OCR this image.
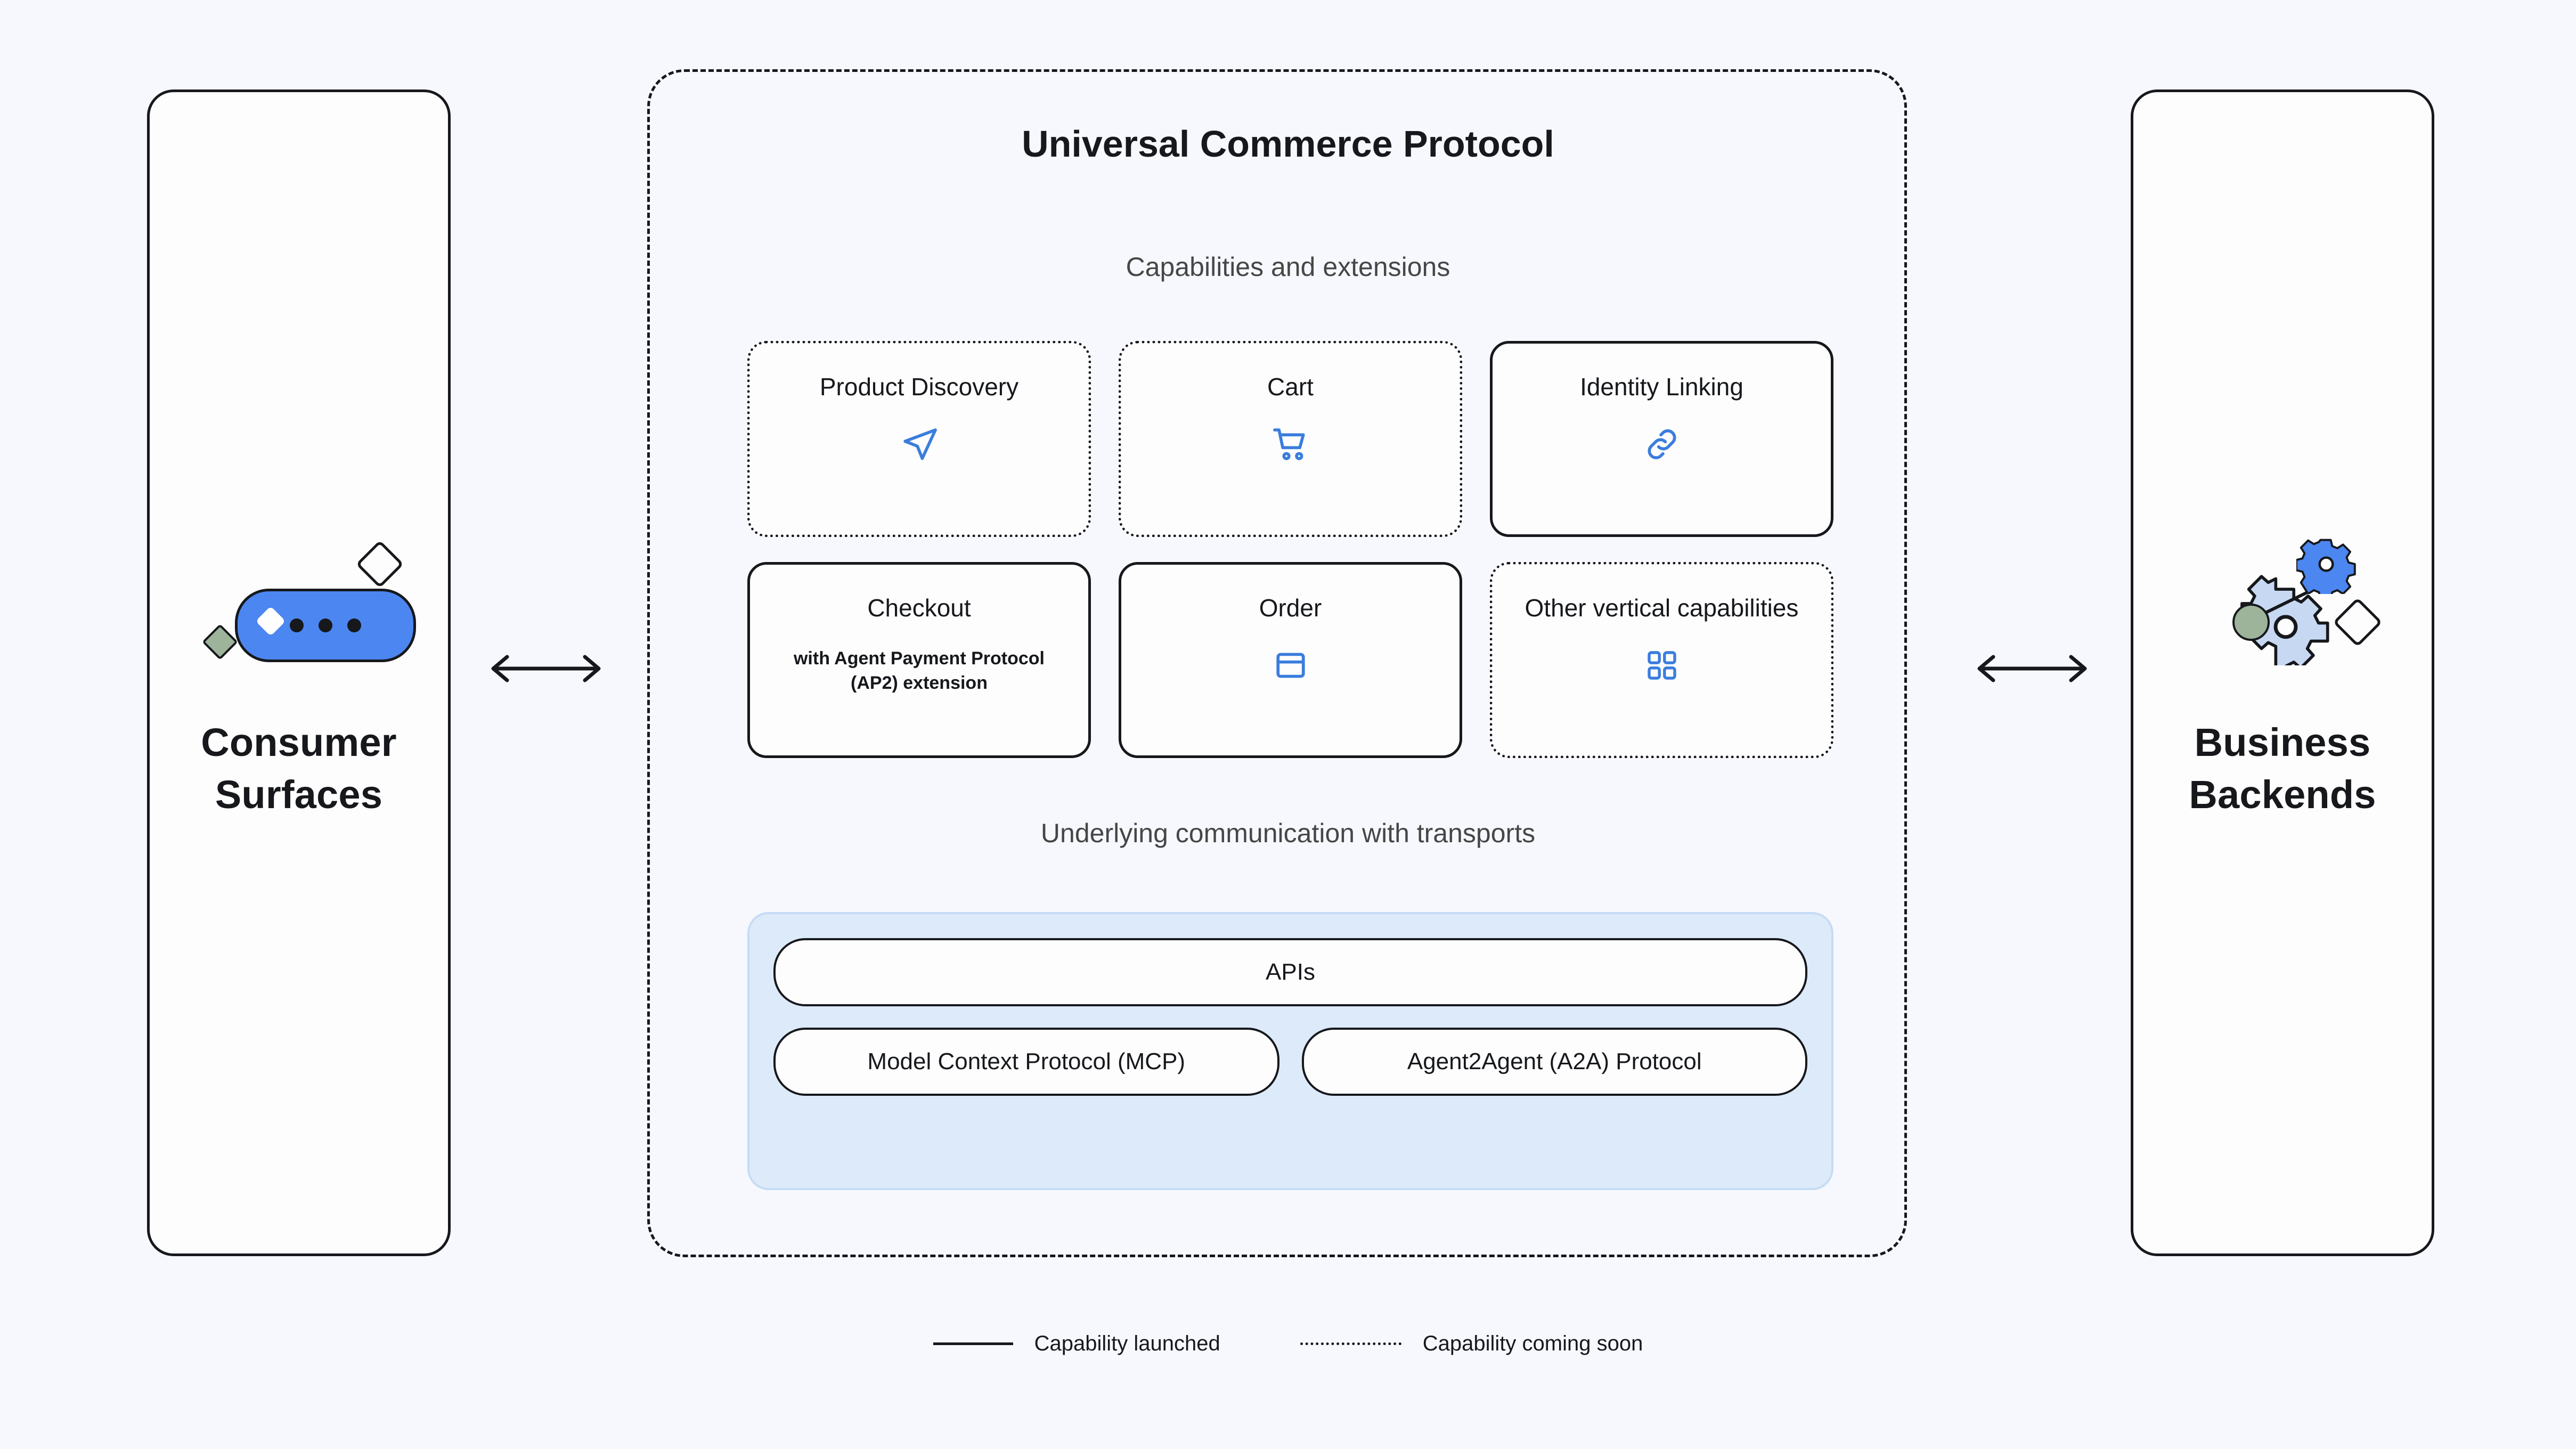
Consumer Surfaces
Universal Commerce Protocol
Capabilities and extensions
Product Discovery	Cart	Identity Linking
Checkout
with Agent Payment Protocol (AP2) extension
Order	Other vertical capabilities
Underlying communication with transports
APIs
Model Context Protocol (MCP)	Agent2Agent (A2A) Protocol
Business Backends
Capability launched	Capability coming soon
